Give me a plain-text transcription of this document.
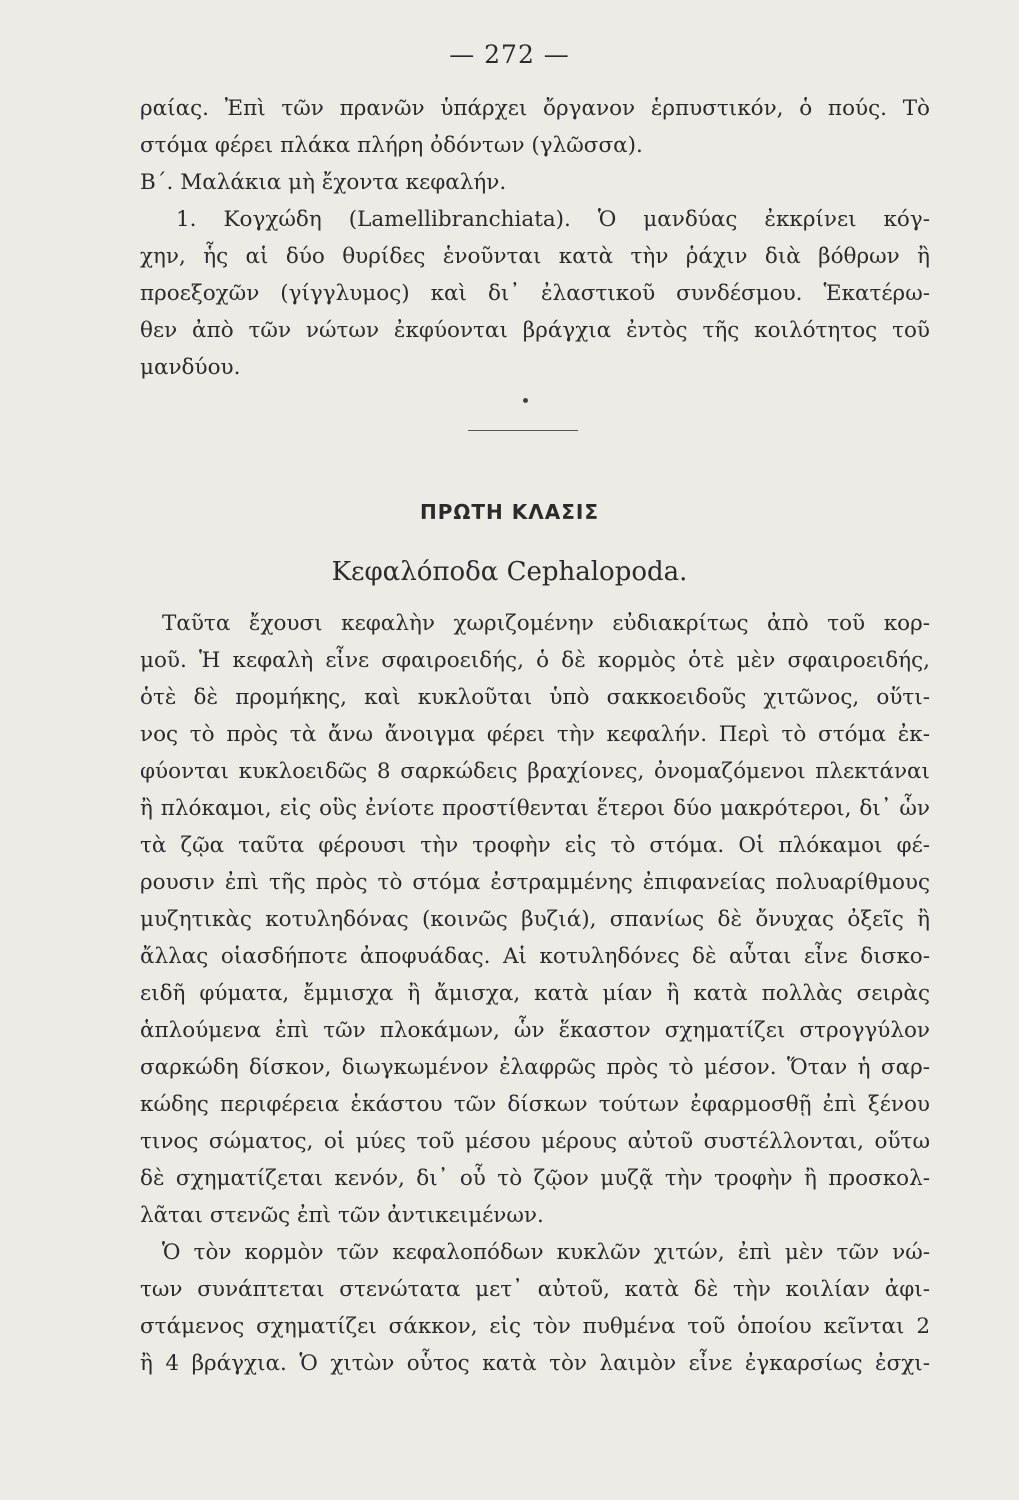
— 272 —
ραίας. Ἐπὶ τῶν πρανῶν ὑπάρχει ὄργανον ἑρπυστικόν, ὁ πούς. Τὸ
στόμα φέρει πλάκα πλήρη ὀδόντων (γλῶσσα).
Β΄. Μαλάκια μὴ ἔχοντα κεφαλήν.
1. Κογχώδη (Lamellibranchiata). Ὁ μανδύας ἐκκρίνει κόγ-
χην, ἧς αἱ δύο θυρίδες ἑνοῦνται κατὰ τὴν ῥάχιν διὰ βόθρων ἢ
προεξοχῶν (γίγγλυμος) καὶ δι᾽ ἐλαστικοῦ συνδέσμου. Ἑκατέρω-
θεν ἀπὸ τῶν νώτων ἐκφύονται βράγχια ἐντὸς τῆς κοιλότητος τοῦ
μανδύου.
ΠΡΩΤΗ ΚΛΑΣΙΣ
Κεφαλόποδα Cephalopoda.
Ταῦτα ἔχουσι κεφαλὴν χωριζομένην εὐδιακρίτως ἀπὸ τοῦ κορ-
μοῦ. Ἡ κεφαλὴ εἶνε σφαιροειδής, ὁ δὲ κορμὸς ὁτὲ μὲν σφαιροειδής,
ὁτὲ δὲ προμήκης, καὶ κυκλοῦται ὑπὸ σακκοειδοῦς χιτῶνος, οὕτι-
νος τὸ πρὸς τὰ ἄνω ἄνοιγμα φέρει τὴν κεφαλήν. Περὶ τὸ στόμα ἐκ-
φύονται κυκλοειδῶς 8 σαρκώδεις βραχίονες, ὀνομαζόμενοι πλεκτάναι
ἢ πλόκαμοι, εἰς οὓς ἐνίοτε προστίθενται ἕτεροι δύο μακρότεροι, δι᾽ ὧν
τὰ ζῷα ταῦτα φέρουσι τὴν τροφὴν εἰς τὸ στόμα. Οἱ πλόκαμοι φέ-
ρουσιν ἐπὶ τῆς πρὸς τὸ στόμα ἐστραμμένης ἐπιφανείας πολυαρίθμους
μυζητικὰς κοτυληδόνας (κοινῶς βυζιά), σπανίως δὲ ὄνυχας ὀξεῖς ἢ
ἄλλας οἱασδήποτε ἀποφυάδας. Αἱ κοτυληδόνες δὲ αὗται εἶνε δισκο-
ειδῆ φύματα, ἔμμισχα ἢ ἄμισχα, κατὰ μίαν ἢ κατὰ πολλὰς σειρὰς
ἁπλούμενα ἐπὶ τῶν πλοκάμων, ὧν ἕκαστον σχηματίζει στρογγύλον
σαρκώδη δίσκον, διωγκωμένον ἐλαφρῶς πρὸς τὸ μέσον. Ὅταν ἡ σαρ-
κώδης περιφέρεια ἑκάστου τῶν δίσκων τούτων ἐφαρμοσθῇ ἐπὶ ξένου
τινος σώματος, οἱ μύες τοῦ μέσου μέρους αὐτοῦ συστέλλονται, οὕτω
δὲ σχηματίζεται κενόν, δι᾽ οὗ τὸ ζῷον μυζᾷ τὴν τροφὴν ἢ προσκολ-
λᾶται στενῶς ἐπὶ τῶν ἀντικειμένων.
Ὁ τὸν κορμὸν τῶν κεφαλοπόδων κυκλῶν χιτών, ἐπὶ μὲν τῶν νώ-
των συνάπτεται στενώτατα μετ᾽ αὐτοῦ, κατὰ δὲ τὴν κοιλίαν ἀφι-
στάμενος σχηματίζει σάκκον, εἰς τὸν πυθμένα τοῦ ὁποίου κεῖνται 2
ἢ 4 βράγχια. Ὁ χιτὼν οὗτος κατὰ τὸν λαιμὸν εἶνε ἐγκαρσίως ἐσχι-
